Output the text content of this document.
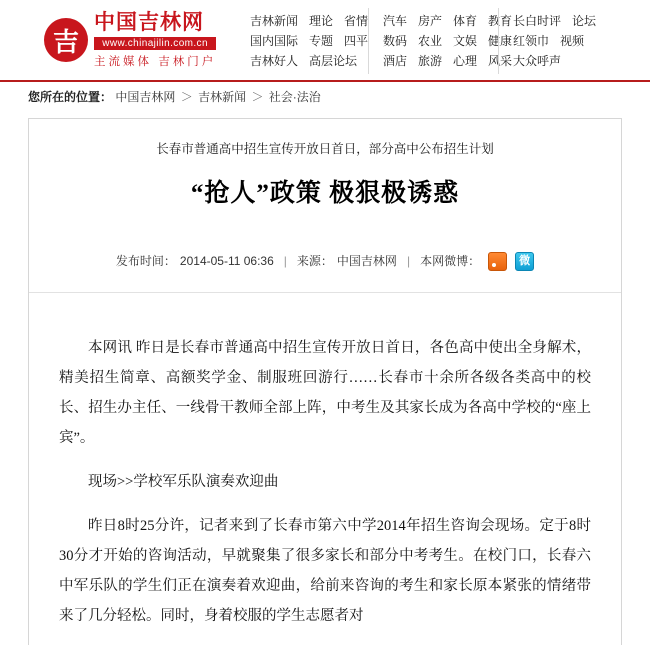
吉
中国吉林网
www.chinajilin.com.cn
主流媒体 吉林门户
吉林新闻 理论 省情
国内国际 专题 四平
吉林好人 高层论坛
汽车 房产 体育 教育
数码 农业 文娱 健康
酒店 旅游 心理 风采
长白时评 论坛
红领巾 视频
大众呼声
您所在的位置： 中国吉林网 ＞ 吉林新闻 ＞ 社会·法治
长春市普通高中招生宣传开放日首日，部分高中公布招生计划
“抢人”政策 极狠极诱惑
发布时间： 2014-05-11 06:36 | 来源： 中国吉林网 | 本网微博：	微

本网讯 昨日是长春市普通高中招生宣传开放日首日，各色高中使出全身解术，精美招生简章、高额奖学金、制服班回游行……长春市十余所各级各类高中的校长、招生办主任、一线骨干教师全部上阵，中考生及其家长成为各高中学校的“座上宾”。

现场>>学校军乐队演奏欢迎曲

昨日8时25分许，记者来到了长春市第六中学2014年招生咨询会现场。定于8时30分才开始的咨询活动，早就聚集了很多家长和部分中考考生。在校门口，长春六中军乐队的学生们正在演奏着欢迎曲，给前来咨询的考生和家长原本紧张的情绪带来了几分轻松。同时，身着校服的学生志愿者对
